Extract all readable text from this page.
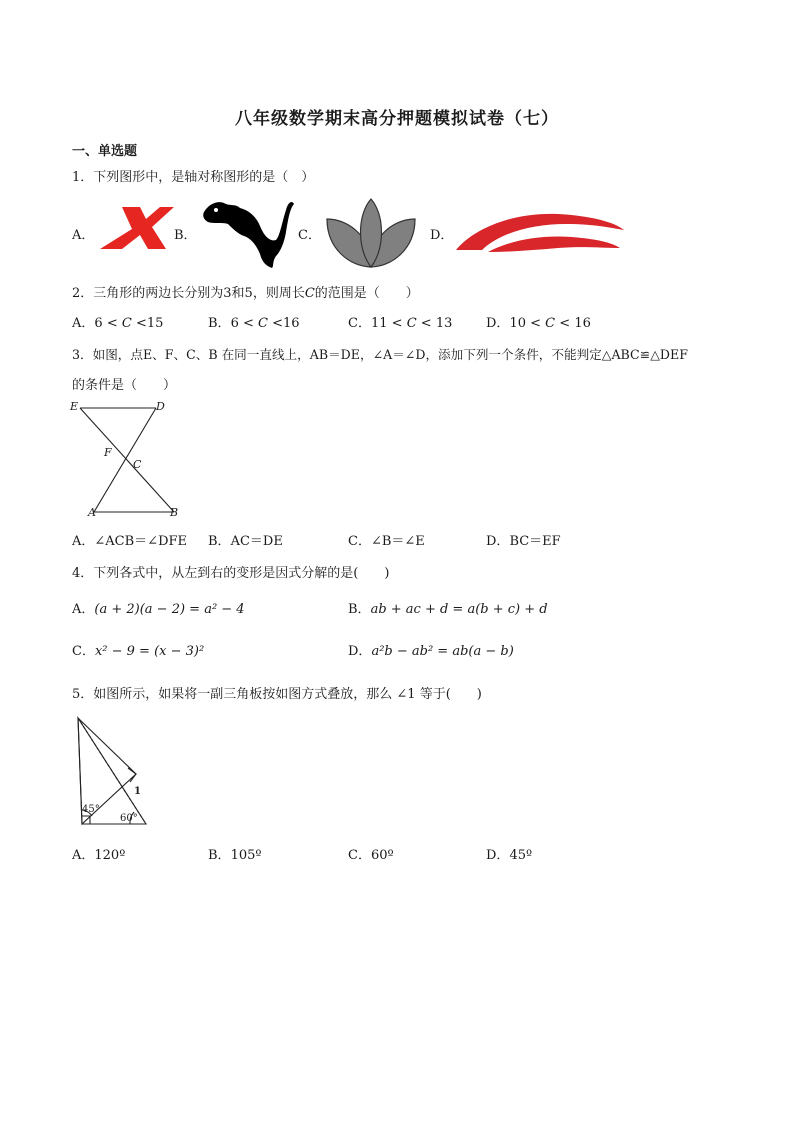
八年级数学期末高分押题模拟试卷（七）
一、单选题
1．下列图形中，是轴对称图形的是（　）
A．	B．	C．	D．
2．三角形的两边长分别为3和5，则周长C的范围是（　　）
A．6 < C <15	B．6 < C <16	C．11 < C < 13	D．10 < C < 16
3．如图，点E、F、C、B 在同一直线上，AB＝DE，∠A＝∠D，添加下列一个条件，不能判定△ABC≌△DEF
的条件是（　　）
E	D
F
C
A	B
A．∠ACB＝∠DFE B．AC＝DE	C．∠B＝∠E	D．BC＝EF
4．下列各式中，从左到右的变形是因式分解的是(　　)
A．(a + 2)(a − 2) = a² − 4	B．ab + ac + d = a(b + c) + d
C．x² − 9 = (x − 3)²	D．a²b − ab² = ab(a − b)
5．如图所示，如果将一副三角板按如图方式叠放，那么 ∠1 等于(　　)
1
45°
60°
A．120º	B．105º	C．60º	D．45º
